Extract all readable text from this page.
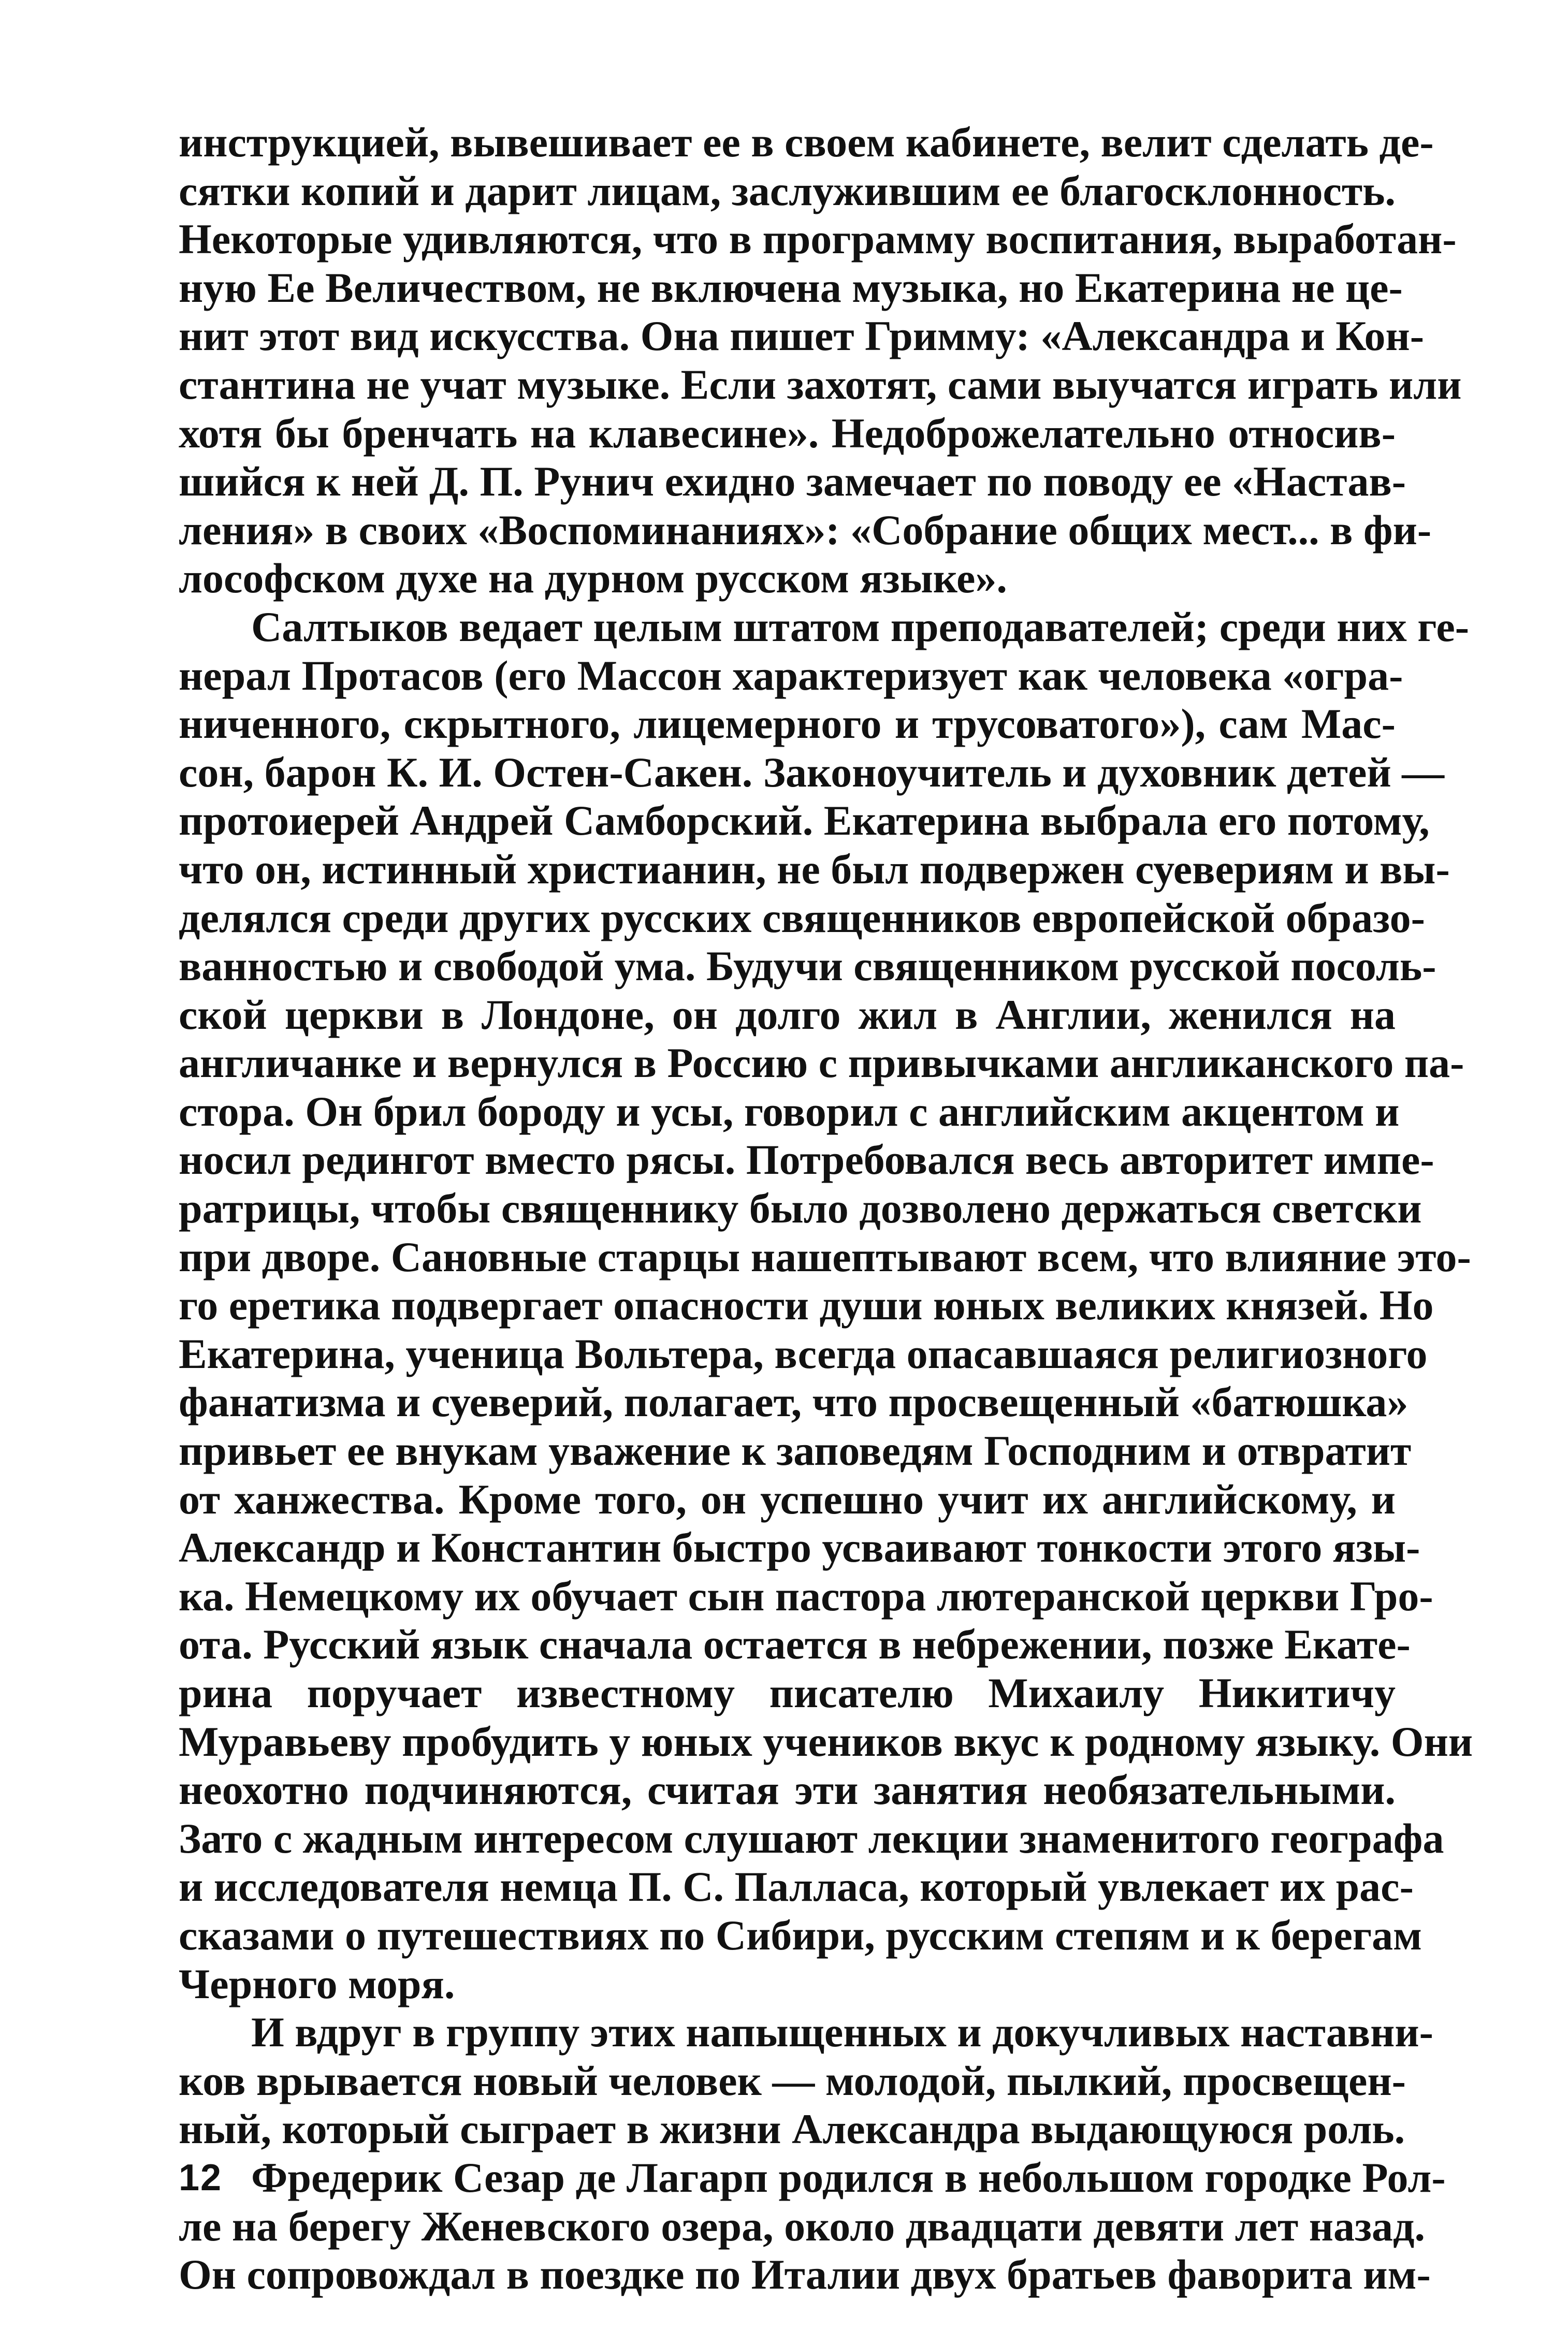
инструкцией, вывешивает ее в своем кабинете, велит сделать де-
сятки копий и дарит лицам, заслужившим ее благосклонность.
Некоторые удивляются, что в программу воспитания, выработан-
ную Ее Величеством, не включена музыка, но Екатерина не це-
нит этот вид искусства. Она пишет Гримму: «Александра и Кон-
стантина не учат музыке. Если захотят, сами выучатся играть или
хотя бы бренчать на клавесине». Недоброжелательно относив-
шийся к ней Д. П. Рунич ехидно замечает по поводу ее «Настав-
ления» в своих «Воспоминаниях»: «Собрание общих мест... в фи-
лософском духе на дурном русском языке».
Салтыков ведает целым штатом преподавателей; среди них ге-
нерал Протасов (его Массон характеризует как человека «огра-
ниченного, скрытного, лицемерного и трусоватого»), сам Мас-
сон, барон К. И. Остен-Сакен. Законоучитель и духовник детей —
протоиерей Андрей Самборский. Екатерина выбрала его потому,
что он, истинный христианин, не был подвержен суевериям и вы-
делялся среди других русских священников европейской образо-
ванностью и свободой ума. Будучи священником русской посоль-
ской церкви в Лондоне, он долго жил в Англии, женился на
англичанке и вернулся в Россию с привычками англиканского па-
стора. Он брил бороду и усы, говорил с английским акцентом и
носил редингот вместо рясы. Потребовался весь авторитет импе-
ратрицы, чтобы священнику было дозволено держаться светски
при дворе. Сановные старцы нашептывают всем, что влияние это-
го еретика подвергает опасности души юных великих князей. Но
Екатерина, ученица Вольтера, всегда опасавшаяся религиозного
фанатизма и суеверий, полагает, что просвещенный «батюшка»
привьет ее внукам уважение к заповедям Господним и отвратит
от ханжества. Кроме того, он успешно учит их английскому, и
Александр и Константин быстро усваивают тонкости этого язы-
ка. Немецкому их обучает сын пастора лютеранской церкви Гро-
ота. Русский язык сначала остается в небрежении, позже Екате-
рина поручает известному писателю Михаилу Никитичу
Муравьеву пробудить у юных учеников вкус к родному языку. Они
неохотно подчиняются, считая эти занятия необязательными.
Зато с жадным интересом слушают лекции знаменитого географа
и исследователя немца П. С. Палласа, который увлекает их рас-
сказами о путешествиях по Сибири, русским степям и к берегам
Черного моря.
И вдруг в группу этих напыщенных и докучливых наставни-
ков врывается новый человек — молодой, пылкий, просвещен-
ный, который сыграет в жизни Александра выдающуюся роль.
Фредерик Сезар де Лагарп родился в небольшом городке Рол-
ле на берегу Женевского озера, около двадцати девяти лет назад.
Он сопровождал в поездке по Италии двух братьев фаворита им-
12
